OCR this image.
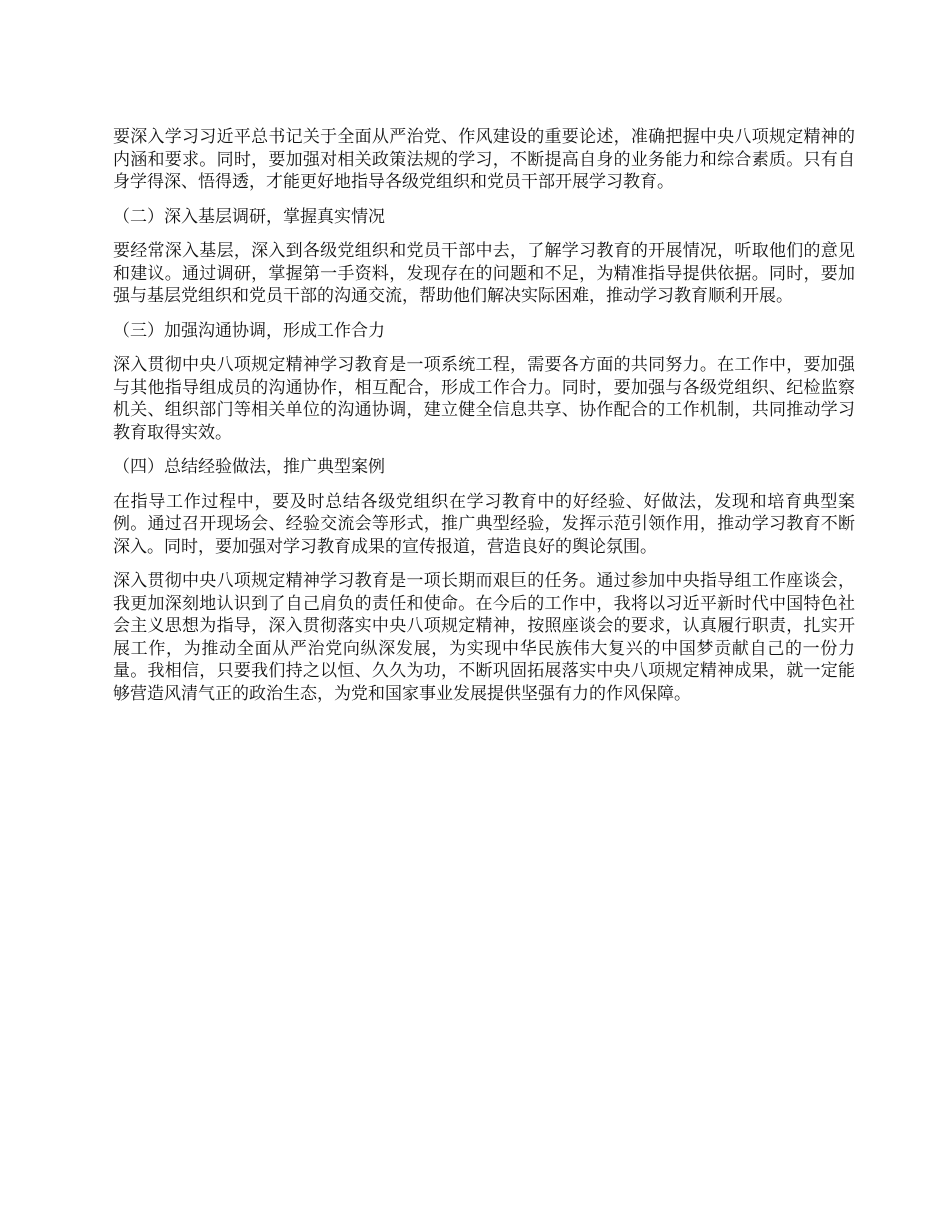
要深入学习习近平总书记关于全面从严治党、作风建设的重要论述，准确把握中央八项规定精神的内涵和要求。同时，要加强对相关政策法规的学习，不断提高自身的业务能力和综合素质。只有自身学得深、悟得透，才能更好地指导各级党组织和党员干部开展学习教育。

（二）深入基层调研，掌握真实情况

要经常深入基层，深入到各级党组织和党员干部中去，了解学习教育的开展情况，听取他们的意见和建议。通过调研，掌握第一手资料，发现存在的问题和不足，为精准指导提供依据。同时，要加强与基层党组织和党员干部的沟通交流，帮助他们解决实际困难，推动学习教育顺利开展。

（三）加强沟通协调，形成工作合力

深入贯彻中央八项规定精神学习教育是一项系统工程，需要各方面的共同努力。在工作中，要加强与其他指导组成员的沟通协作，相互配合，形成工作合力。同时，要加强与各级党组织、纪检监察机关、组织部门等相关单位的沟通协调，建立健全信息共享、协作配合的工作机制，共同推动学习教育取得实效。

（四）总结经验做法，推广典型案例

在指导工作过程中，要及时总结各级党组织在学习教育中的好经验、好做法，发现和培育典型案例。通过召开现场会、经验交流会等形式，推广典型经验，发挥示范引领作用，推动学习教育不断深入。同时，要加强对学习教育成果的宣传报道，营造良好的舆论氛围。

深入贯彻中央八项规定精神学习教育是一项长期而艰巨的任务。通过参加中央指导组工作座谈会，我更加深刻地认识到了自己肩负的责任和使命。在今后的工作中，我将以习近平新时代中国特色社会主义思想为指导，深入贯彻落实中央八项规定精神，按照座谈会的要求，认真履行职责，扎实开展工作，为推动全面从严治党向纵深发展，为实现中华民族伟大复兴的中国梦贡献自己的一份力量。我相信，只要我们持之以恒、久久为功，不断巩固拓展落实中央八项规定精神成果，就一定能够营造风清气正的政治生态，为党和国家事业发展提供坚强有力的作风保障。
